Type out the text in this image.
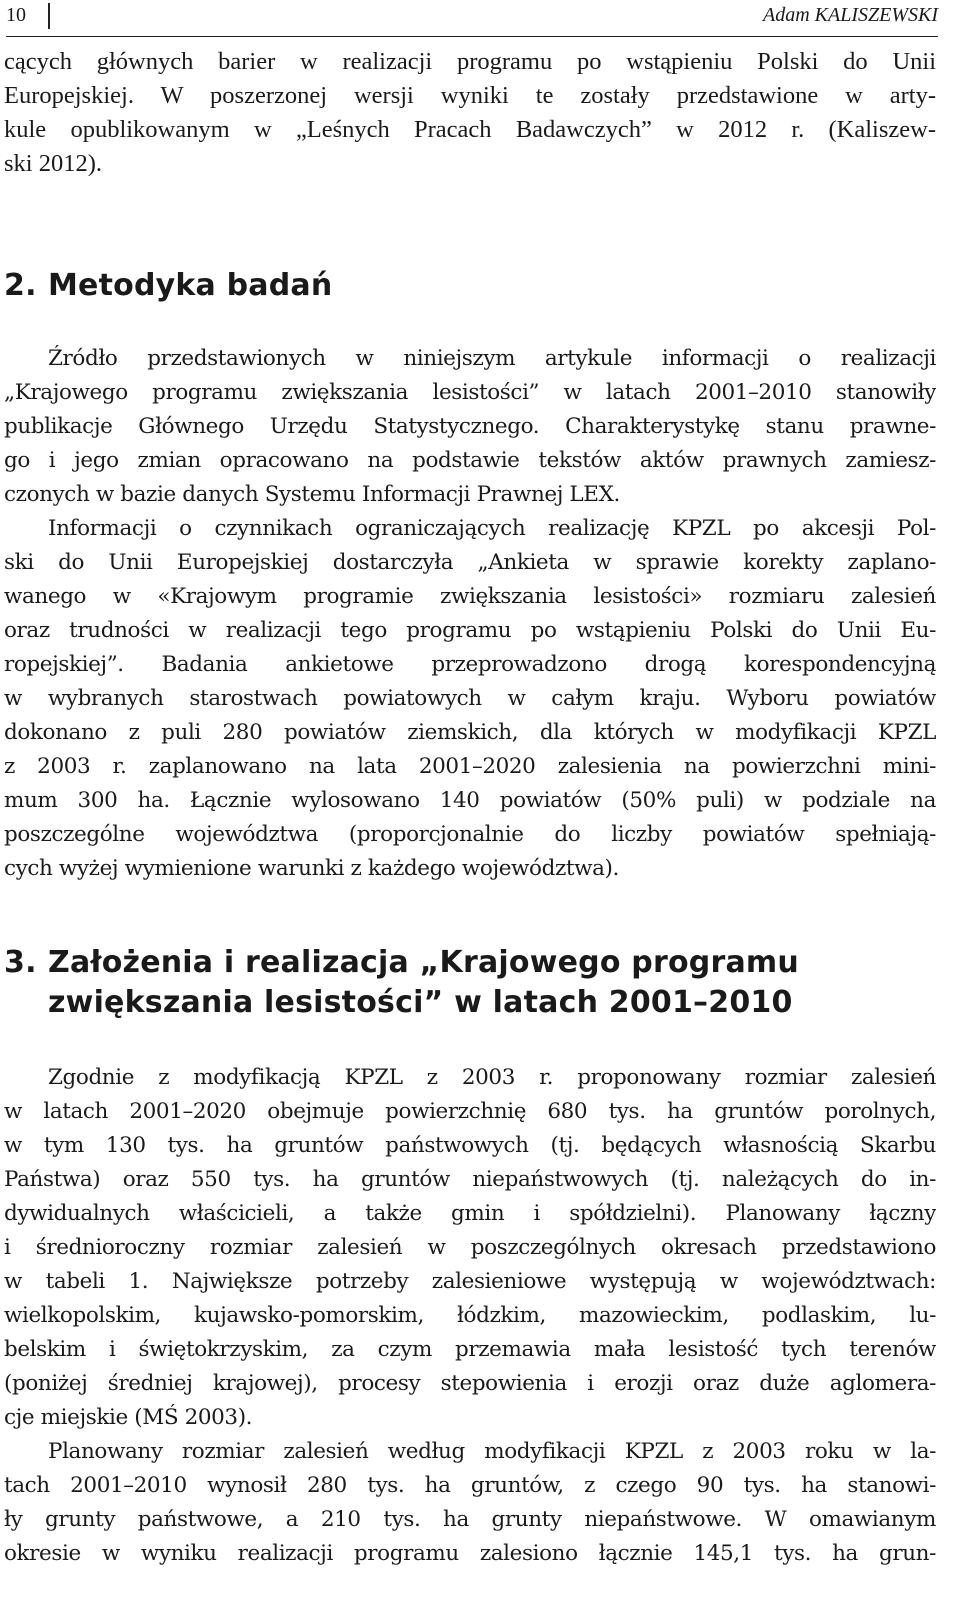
10	Adam KALISZEWSKI
cących głównych barier w realizacji programu po wstąpieniu Polski do Unii
Europejskiej. W poszerzonej wersji wyniki te zostały przedstawione w arty-
kule opublikowanym w „Leśnych Pracach Badawczych” w 2012 r. (Kaliszew-
ski 2012).
2. Metodyka badań
Źródło przedstawionych w niniejszym artykule informacji o realizacji
„Krajowego programu zwiększania lesistości” w latach 2001–2010 stanowiły
publikacje Głównego Urzędu Statystycznego. Charakterystykę stanu prawne-
go i jego zmian opracowano na podstawie tekstów aktów prawnych zamiesz-
czonych w bazie danych Systemu Informacji Prawnej LEX.
Informacji o czynnikach ograniczających realizację KPZL po akcesji Pol-
ski do Unii Europejskiej dostarczyła „Ankieta w sprawie korekty zaplano-
wanego w «Krajowym programie zwiększania lesistości» rozmiaru zalesień
oraz trudności w realizacji tego programu po wstąpieniu Polski do Unii Eu-
ropejskiej”. Badania ankietowe przeprowadzono drogą korespondencyjną
w wybranych starostwach powiatowych w całym kraju. Wyboru powiatów
dokonano z puli 280 powiatów ziemskich, dla których w modyfikacji KPZL
z 2003 r. zaplanowano na lata 2001–2020 zalesienia na powierzchni mini-
mum 300 ha. Łącznie wylosowano 140 powiatów (50% puli) w podziale na
poszczególne województwa (proporcjonalnie do liczby powiatów spełniają-
cych wyżej wymienione warunki z każdego województwa).
3. Założenia i realizacja „Krajowego programu
zwiększania lesistości” w latach 2001–2010
Zgodnie z modyfikacją KPZL z 2003 r. proponowany rozmiar zalesień
w latach 2001–2020 obejmuje powierzchnię 680 tys. ha gruntów porolnych,
w tym 130 tys. ha gruntów państwowych (tj. będących własnością Skarbu
Państwa) oraz 550 tys. ha gruntów niepaństwowych (tj. należących do in-
dywidualnych właścicieli, a także gmin i spółdzielni). Planowany łączny
i średnioroczny rozmiar zalesień w poszczególnych okresach przedstawiono
w tabeli 1. Największe potrzeby zalesieniowe występują w województwach:
wielkopolskim, kujawsko-pomorskim, łódzkim, mazowieckim, podlaskim, lu-
belskim i świętokrzyskim, za czym przemawia mała lesistość tych terenów
(poniżej średniej krajowej), procesy stepowienia i erozji oraz duże aglomera-
cje miejskie (MŚ 2003).
Planowany rozmiar zalesień według modyfikacji KPZL z 2003 roku w la-
tach 2001–2010 wynosił 280 tys. ha gruntów, z czego 90 tys. ha stanowi-
ły grunty państwowe, a 210 tys. ha grunty niepaństwowe. W omawianym
okresie w wyniku realizacji programu zalesiono łącznie 145,1 tys. ha grun-
